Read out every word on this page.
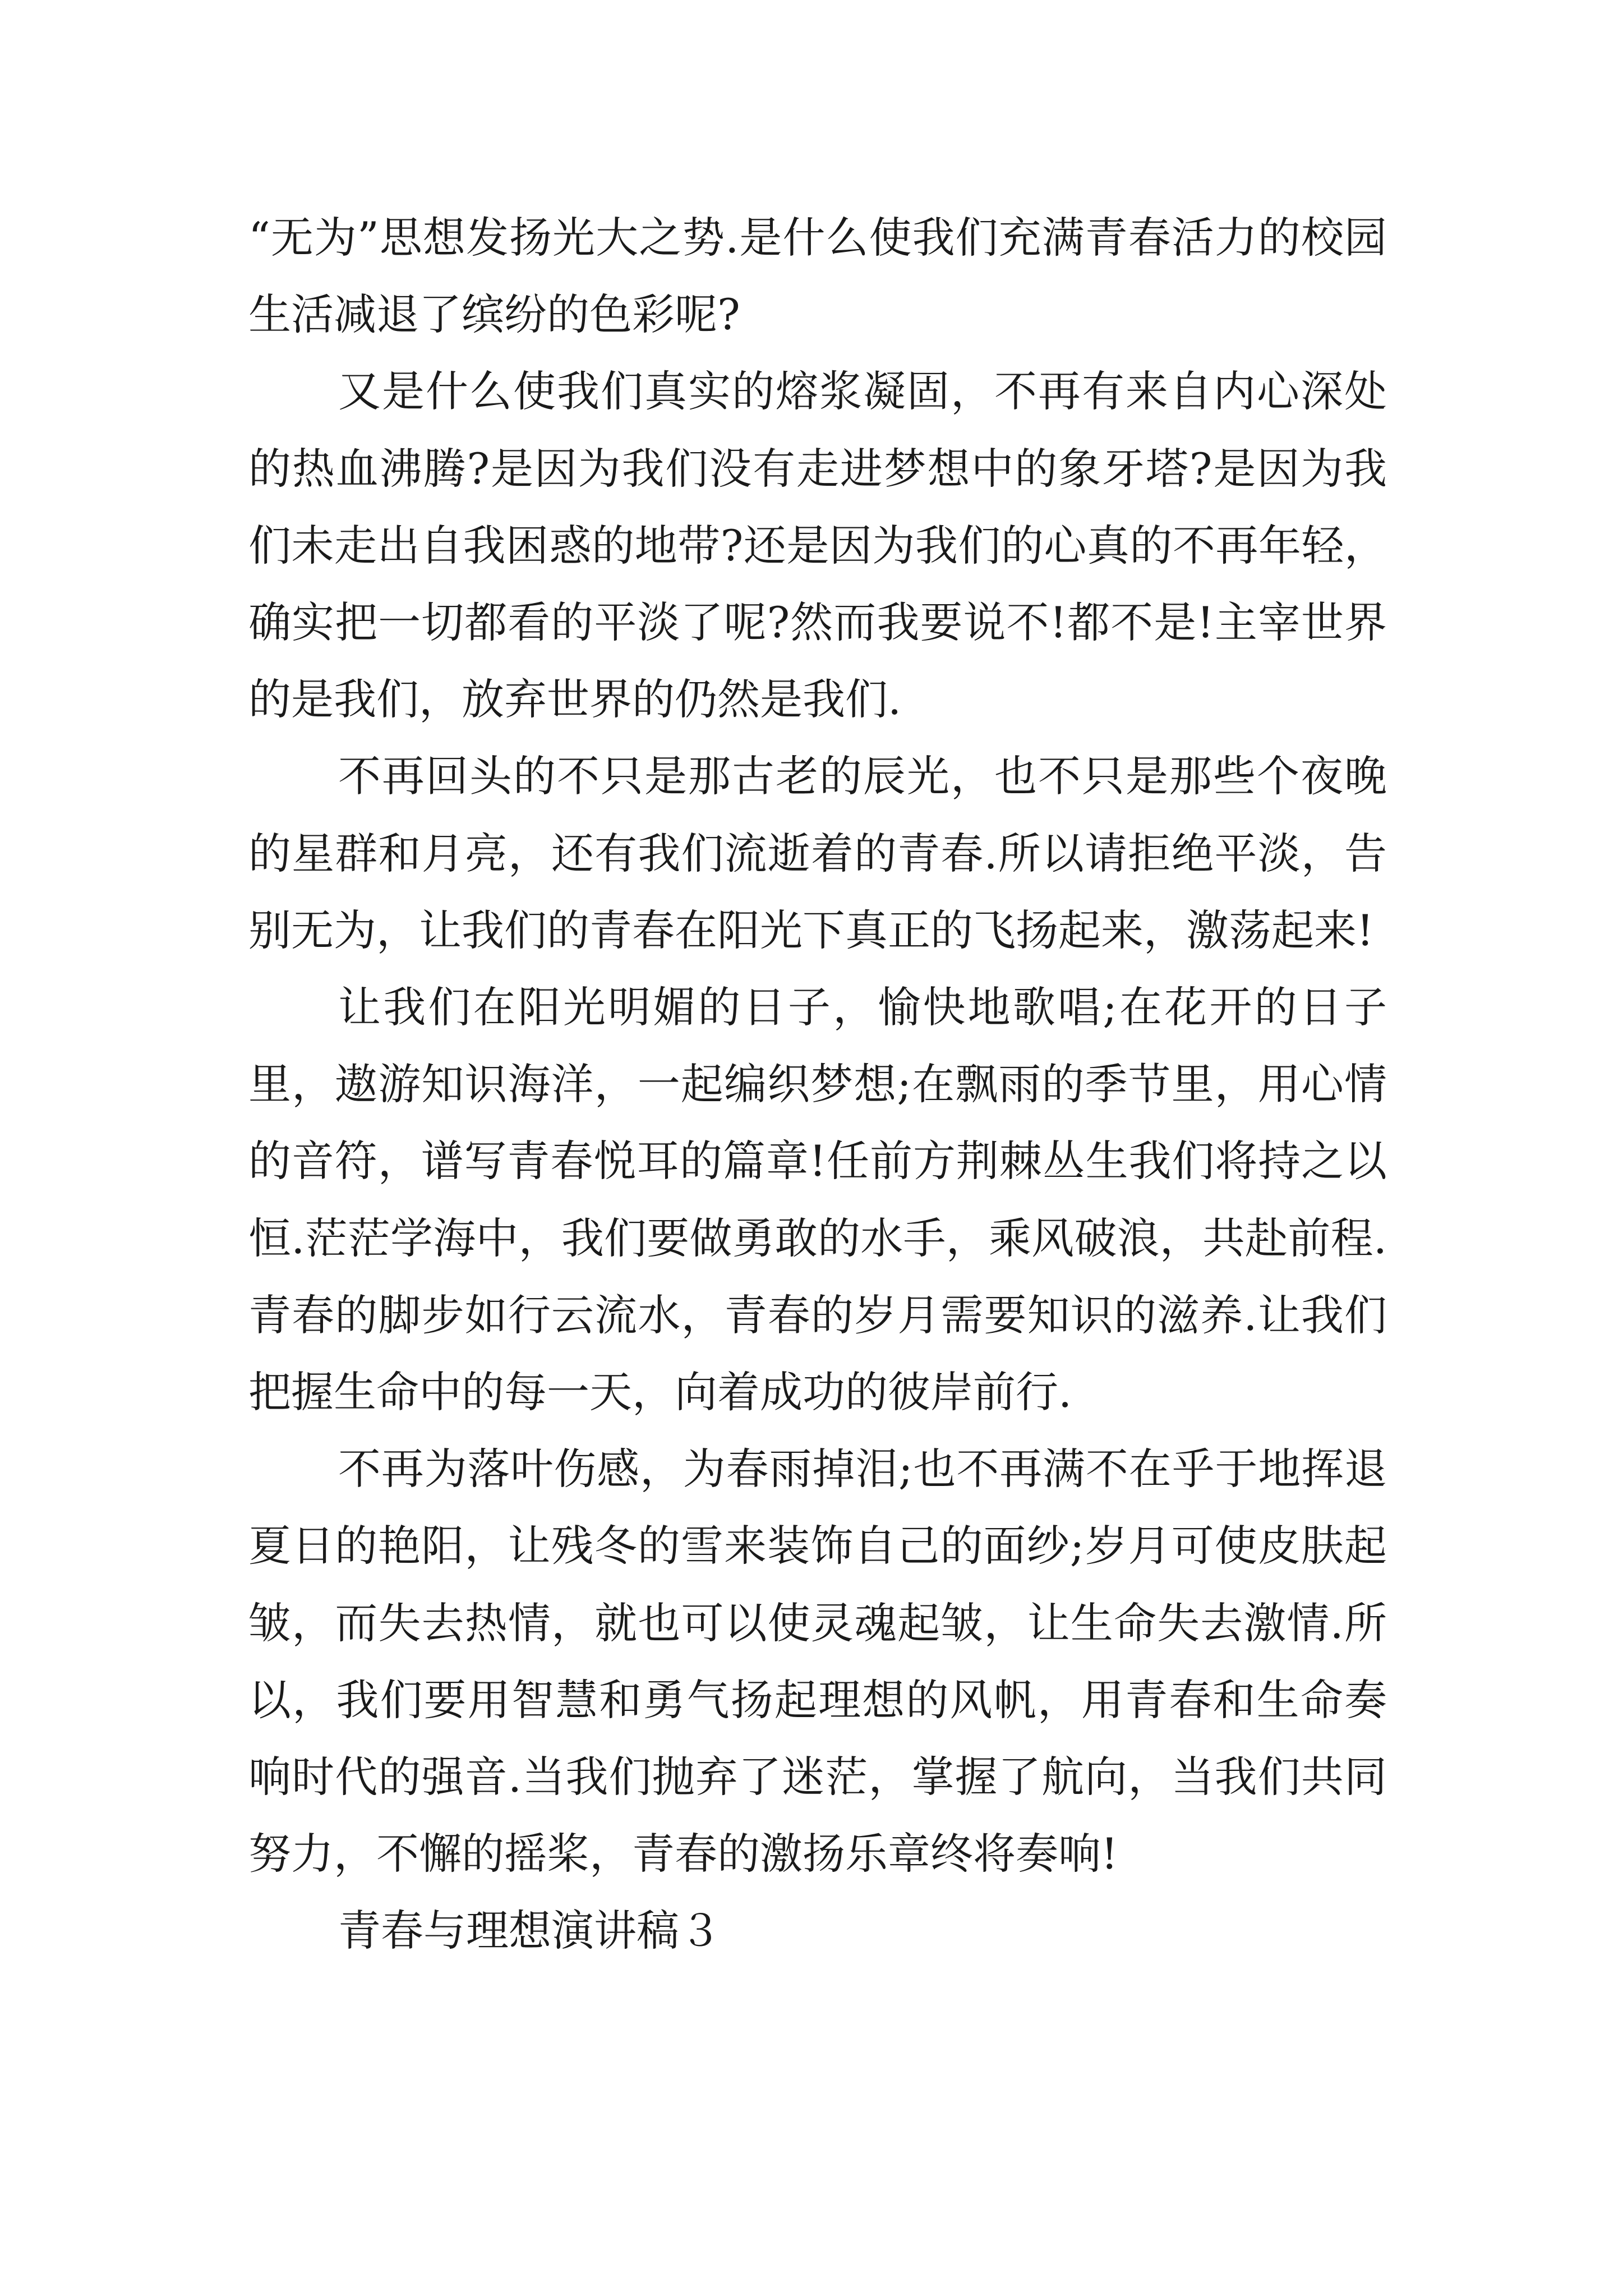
“无为”思想发扬光大之势.是什么使我们充满青春活力的校园生活减退了缤纷的色彩呢?

又是什么使我们真实的熔浆凝固，不再有来自内心深处的热血沸腾?是因为我们没有走进梦想中的象牙塔?是因为我们未走出自我困惑的地带?还是因为我们的心真的不再年轻，确实把一切都看的平淡了呢?然而我要说不!都不是!主宰世界的是我们，放弃世界的仍然是我们.

不再回头的不只是那古老的辰光，也不只是那些个夜晚的星群和月亮，还有我们流逝着的青春.所以请拒绝平淡，告别无为，让我们的青春在阳光下真正的飞扬起来，激荡起来!

让我们在阳光明媚的日子，愉快地歌唱;在花开的日子里，遨游知识海洋，一起编织梦想;在飘雨的季节里，用心情的音符，谱写青春悦耳的篇章!任前方荆棘丛生我们将持之以恒.茫茫学海中，我们要做勇敢的水手，乘风破浪，共赴前程.青春的脚步如行云流水，青春的岁月需要知识的滋养.让我们把握生命中的每一天，向着成功的彼岸前行.

不再为落叶伤感，为春雨掉泪;也不再满不在乎于地挥退夏日的艳阳，让残冬的雪来装饰自己的面纱;岁月可使皮肤起皱，而失去热情，就也可以使灵魂起皱，让生命失去激情.所以，我们要用智慧和勇气扬起理想的风帆，用青春和生命奏响时代的强音.当我们抛弃了迷茫，掌握了航向，当我们共同努力，不懈的摇桨，青春的激扬乐章终将奏响!

青春与理想演讲稿３
